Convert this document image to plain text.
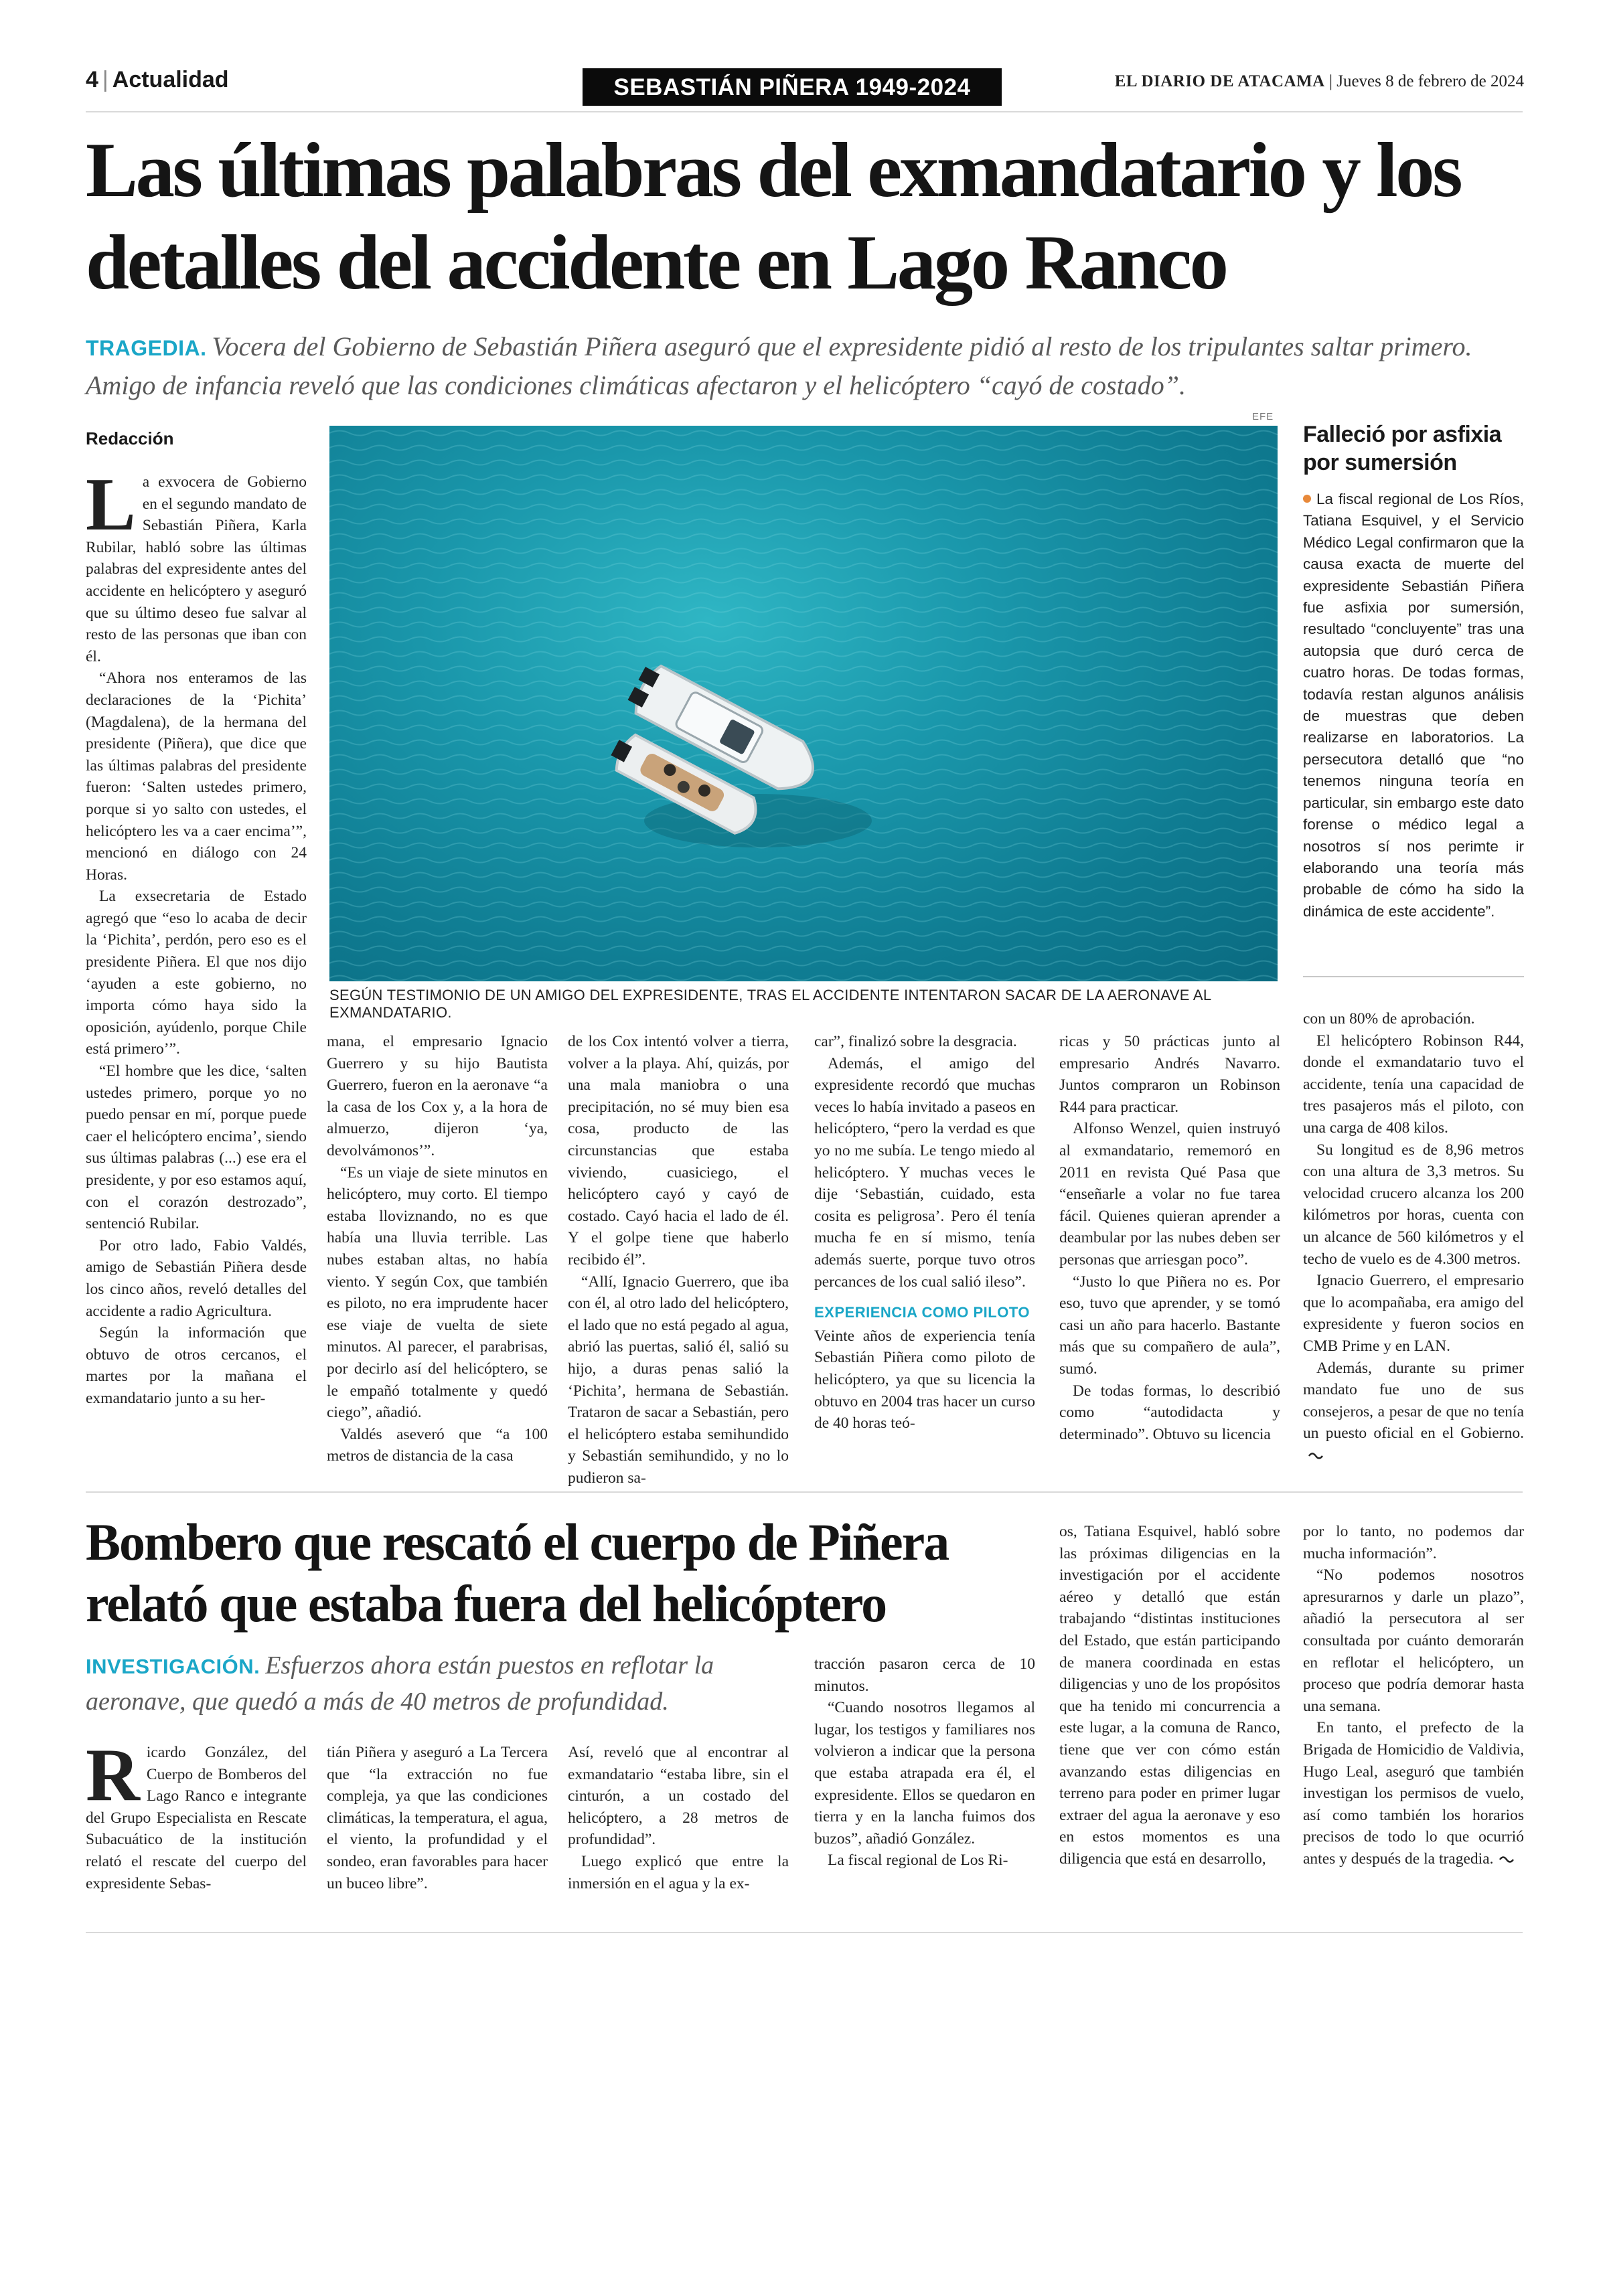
4 | Actualidad	SEBASTIÁN PIÑERA 1949-2024	EL DIARIO DE ATACAMA | Jueves 8 de febrero de 2024
Las últimas palabras del exmandatario y los detalles del accidente en Lago Ranco
TRAGEDIA. Vocera del Gobierno de Sebastián Piñera aseguró que el expresidente pidió al resto de los tripulantes saltar primero. Amigo de infancia reveló que las condiciones climáticas afectaron y el helicóptero “cayó de costado”.
Redacción
EFE
SEGÚN TESTIMONIO DE UN AMIGO DEL EXPRESIDENTE, TRAS EL ACCIDENTE INTENTARON SACAR DE LA AERONAVE AL EXMANDATARIO.

La exvocera de Gobierno en el segundo mandato de Sebastián Piñera, Karla Rubilar, habló sobre las últimas palabras del expresidente antes del accidente en helicóptero y aseguró que su último deseo fue salvar al resto de las personas que iban con él.

“Ahora nos enteramos de las declaraciones de la ‘Pichita’ (Magdalena), de la hermana del presidente (Piñera), que dice que las últimas palabras del presidente fueron: ‘Salten ustedes primero, porque si yo salto con ustedes, el helicóptero les va a caer encima’”, mencionó en diálogo con 24 Horas.

La exsecretaria de Estado agregó que “eso lo acaba de decir la ‘Pichita’, perdón, pero eso es el presidente Piñera. El que nos dijo ‘ayuden a este gobierno, no importa cómo haya sido la oposición, ayúdenlo, porque Chile está primero’”.

“El hombre que les dice, ‘salten ustedes primero, porque yo no puedo pensar en mí, porque puede caer el helicóptero encima’, siendo sus últimas palabras (...) ese era el presidente, y por eso estamos aquí, con el corazón destrozado”, sentenció Rubilar.

Por otro lado, Fabio Valdés, amigo de Sebastián Piñera desde los cinco años, reveló detalles del accidente a radio Agricultura.

Según la información que obtuvo de otros cercanos, el martes por la mañana el exmandatario junto a su her-

mana, el empresario Ignacio Guerrero y su hijo Bautista Guerrero, fueron en la aeronave “a la casa de los Cox y, a la hora de almuerzo, dijeron ‘ya, devolvámonos’”.

“Es un viaje de siete minutos en helicóptero, muy corto. El tiempo estaba lloviznando, no es que había una lluvia terrible. Las nubes estaban altas, no había viento. Y según Cox, que también es piloto, no era imprudente hacer ese viaje de vuelta de siete minutos. Al parecer, el parabrisas, por decirlo así del helicóptero, se le empañó totalmente y quedó ciego”, añadió.

Valdés aseveró que “a 100 metros de distancia de la casa

de los Cox intentó volver a tierra, volver a la playa. Ahí, quizás, por una mala maniobra o una precipitación, no sé muy bien esa cosa, producto de las circunstancias que estaba viviendo, cuasiciego, el helicóptero cayó y cayó de costado. Cayó hacia el lado de él. Y el golpe tiene que haberlo recibido él”.

“Allí, Ignacio Guerrero, que iba con él, al otro lado del helicóptero, el lado que no está pegado al agua, abrió las puertas, salió él, salió su hijo, a duras penas salió la ‘Pichita’, hermana de Sebastián. Trataron de sacar a Sebastián, pero el helicóptero estaba semihundido y Sebastián semihundido, y no lo pudieron sa-

car”, finalizó sobre la desgracia.

Además, el amigo del expresidente recordó que muchas veces lo había invitado a paseos en helicóptero, “pero la verdad es que yo no me subía. Le tengo miedo al helicóptero. Y muchas veces le dije ‘Sebastián, cuidado, esta cosita es peligrosa’. Pero él tenía mucha fe en sí mismo, tenía además suerte, porque tuvo otros percances de los cual salió ileso”.

EXPERIENCIA COMO PILOTO

Veinte años de experiencia tenía Sebastián Piñera como piloto de helicóptero, ya que su licencia la obtuvo en 2004 tras hacer un curso de 40 horas teó-

ricas y 50 prácticas junto al empresario Andrés Navarro. Juntos compraron un Robinson R44 para practicar.

Alfonso Wenzel, quien instruyó al exmandatario, rememoró en 2011 en revista Qué Pasa que “enseñarle a volar no fue tarea fácil. Quienes quieran aprender a deambular por las nubes deben ser personas que arriesgan poco”.

“Justo lo que Piñera no es. Por eso, tuvo que aprender, y se tomó casi un año para hacerlo. Bastante más que su compañero de aula”, sumó.

De todas formas, lo describió como “autodidacta y determinado”. Obtuvo su licencia

con un 80% de aprobación.

El helicóptero Robinson R44, donde el exmandatario tuvo el accidente, tenía una capacidad de tres pasajeros más el piloto, con una carga de 408 kilos.

Su longitud es de 8,96 metros con una altura de 3,3 metros. Su velocidad crucero alcanza los 200 kilómetros por horas, cuenta con un alcance de 560 kilómetros y el techo de vuelo es de 4.300 metros.

Ignacio Guerrero, el empresario que lo acompañaba, era amigo del expresidente y fueron socios en CMB Prime y en LAN.

Además, durante su primer mandato fue uno de sus consejeros, a pesar de que no tenía un puesto oficial en el Gobierno.

Falleció por asfixia por sumersión
La fiscal regional de Los Ríos, Tatiana Esquivel, y el Servicio Médico Legal confirmaron que la causa exacta de muerte del expresidente Sebastián Piñera fue asfixia por sumersión, resultado “concluyente” tras una autopsia que duró cerca de cuatro horas. De todas formas, todavía restan algunos análisis de muestras que deben realizarse en laboratorios. La persecutora detalló que “no tenemos ninguna teoría en particular, sin embargo este dato forense o médico legal a nosotros sí nos perimte ir elaborando una teoría más probable de cómo ha sido la dinámica de este accidente”.
Bombero que rescató el cuerpo de Piñera relató que estaba fuera del helicóptero
INVESTIGACIÓN. Esfuerzos ahora están puestos en reflotar la aeronave, que quedó a más de 40 metros de profundidad.

Ricardo González, del Cuerpo de Bomberos del Lago Ranco e integrante del Grupo Especialista en Rescate Subacuático de la institución relató el rescate del cuerpo del expresidente Sebas-

tián Piñera y aseguró a La Tercera que “la extracción no fue compleja, ya que las condiciones climáticas, la temperatura, el agua, el viento, la profundidad y el sondeo, eran favorables para hacer un buceo libre”.

Así, reveló que al encontrar al exmandatario “estaba libre, sin el cinturón, a un costado del helicóptero, a 28 metros de profundidad”.

Luego explicó que entre la inmersión en el agua y la ex-

tracción pasaron cerca de 10 minutos.

“Cuando nosotros llegamos al lugar, los testigos y familiares nos volvieron a indicar que la persona que estaba atrapada era él, el expresidente. Ellos se quedaron en tierra y en la lancha fuimos dos buzos”, añadió González.

La fiscal regional de Los Ri-

os, Tatiana Esquivel, habló sobre las próximas diligencias en la investigación por el accidente aéreo y detalló que están trabajando “distintas instituciones del Estado, que están participando de manera coordinada en estas diligencias y uno de los propósitos que ha tenido mi concurrencia a este lugar, a la comuna de Ranco, tiene que ver con cómo están avanzando estas diligencias en terreno para poder en primer lugar extraer del agua la aeronave y eso en estos momentos es una diligencia que está en desarrollo,

por lo tanto, no podemos dar mucha información”.

“No podemos nosotros apresurarnos y darle un plazo”, añadió la persecutora al ser consultada por cuánto demorarán en reflotar el helicóptero, un proceso que podría demorar hasta una semana.

En tanto, el prefecto de la Brigada de Homicidio de Valdivia, Hugo Leal, aseguró que también investigan los permisos de vuelo, así como también los horarios precisos de todo lo que ocurrió antes y después de la tragedia.
